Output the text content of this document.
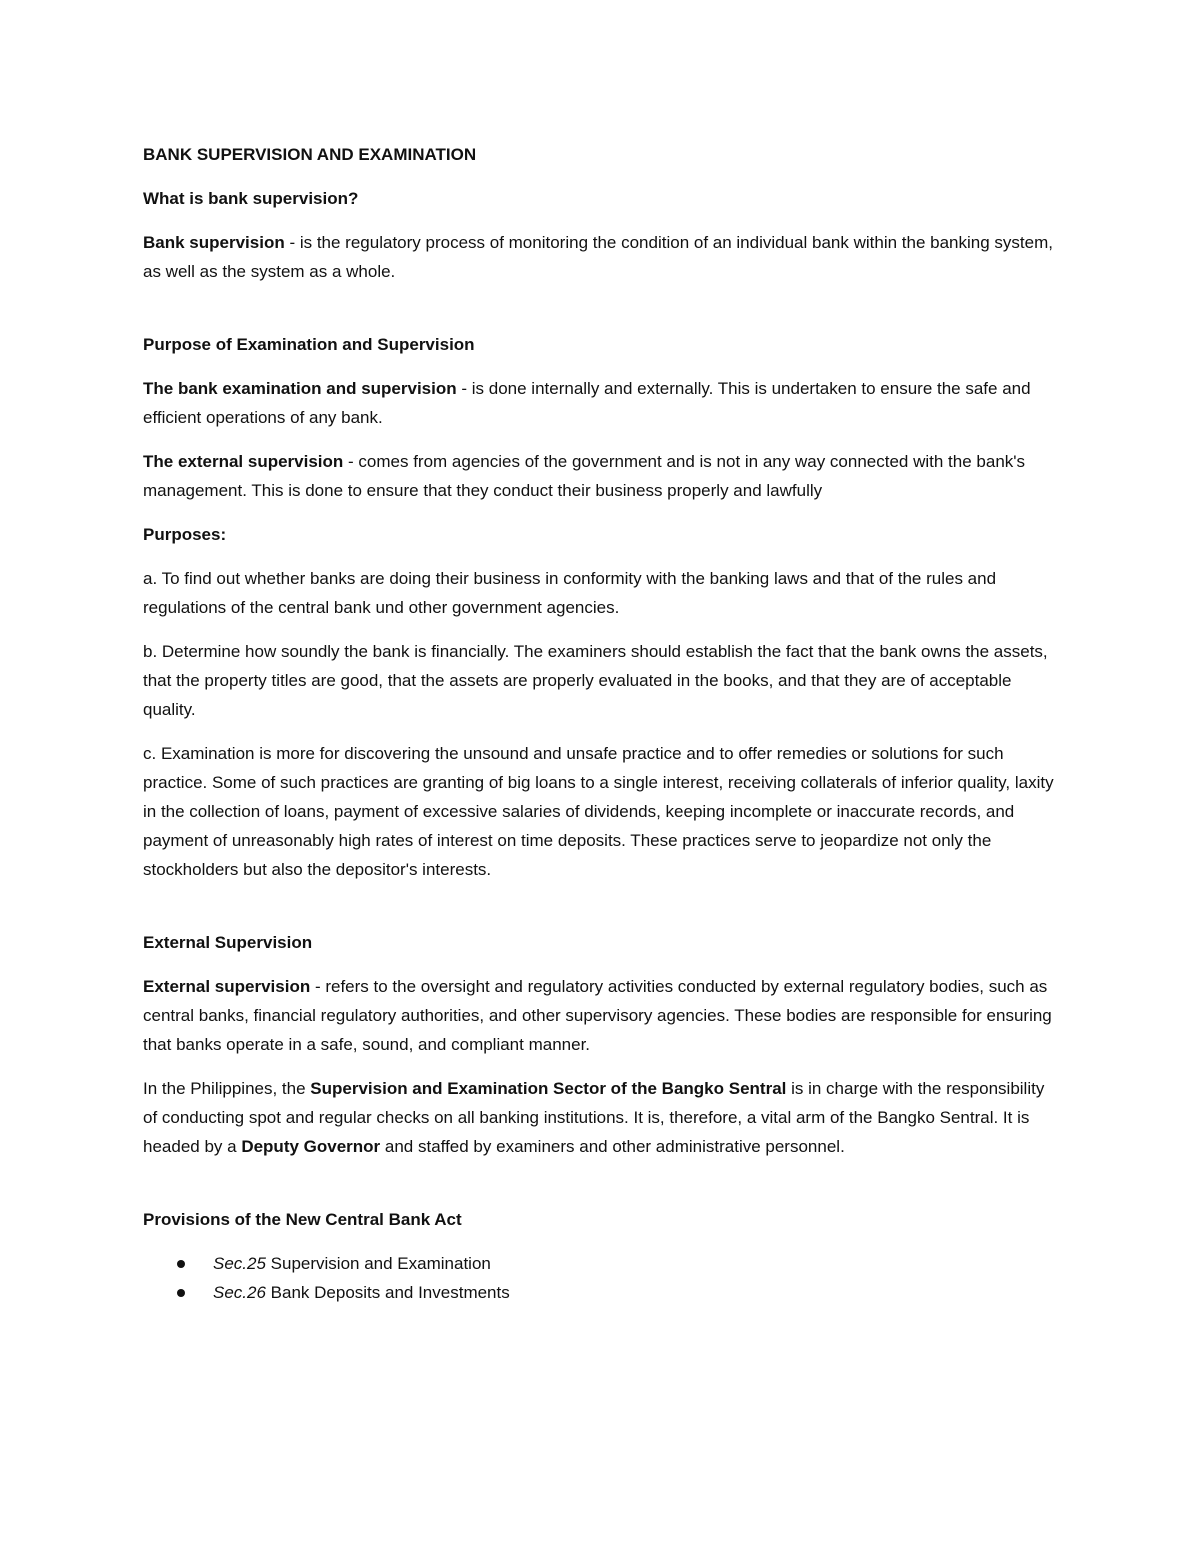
BANK SUPERVISION AND EXAMINATION

What is bank supervision?

Bank supervision - is the regulatory process of monitoring the condition of an individual bank within the banking system, as well as the system as a whole.

Purpose of Examination and Supervision

The bank examination and supervision - is done internally and externally. This is undertaken to ensure the safe and efficient operations of any bank.

The external supervision - comes from agencies of the government and is not in any way connected with the bank's management. This is done to ensure that they conduct their business properly and lawfully

Purposes:

a. To find out whether banks are doing their business in conformity with the banking laws and that of the rules and regulations of the central bank und other government agencies.

b. Determine how soundly the bank is financially. The examiners should establish the fact that the bank owns the assets, that the property titles are good, that the assets are properly evaluated in the books, and that they are of acceptable quality.

c. Examination is more for discovering the unsound and unsafe practice and to offer remedies or solutions for such practice. Some of such practices are granting of big loans to a single interest, receiving collaterals of inferior quality, laxity in the collection of loans, payment of excessive salaries of dividends, keeping incomplete or inaccurate records, and payment of unreasonably high rates of interest on time deposits. These practices serve to jeopardize not only the stockholders but also the depositor's interests.

External Supervision

External supervision - refers to the oversight and regulatory activities conducted by external regulatory bodies, such as central banks, financial regulatory authorities, and other supervisory agencies. These bodies are responsible for ensuring that banks operate in a safe, sound, and compliant manner.

In the Philippines, the Supervision and Examination Sector of the Bangko Sentral is in charge with the responsibility of conducting spot and regular checks on all banking institutions. It is, therefore, a vital arm of the Bangko Sentral. It is headed by a Deputy Governor and staffed by examiners and other administrative personnel.

Provisions of the New Central Bank Act

Sec.25 Supervision and Examination
Sec.26 Bank Deposits and Investments
